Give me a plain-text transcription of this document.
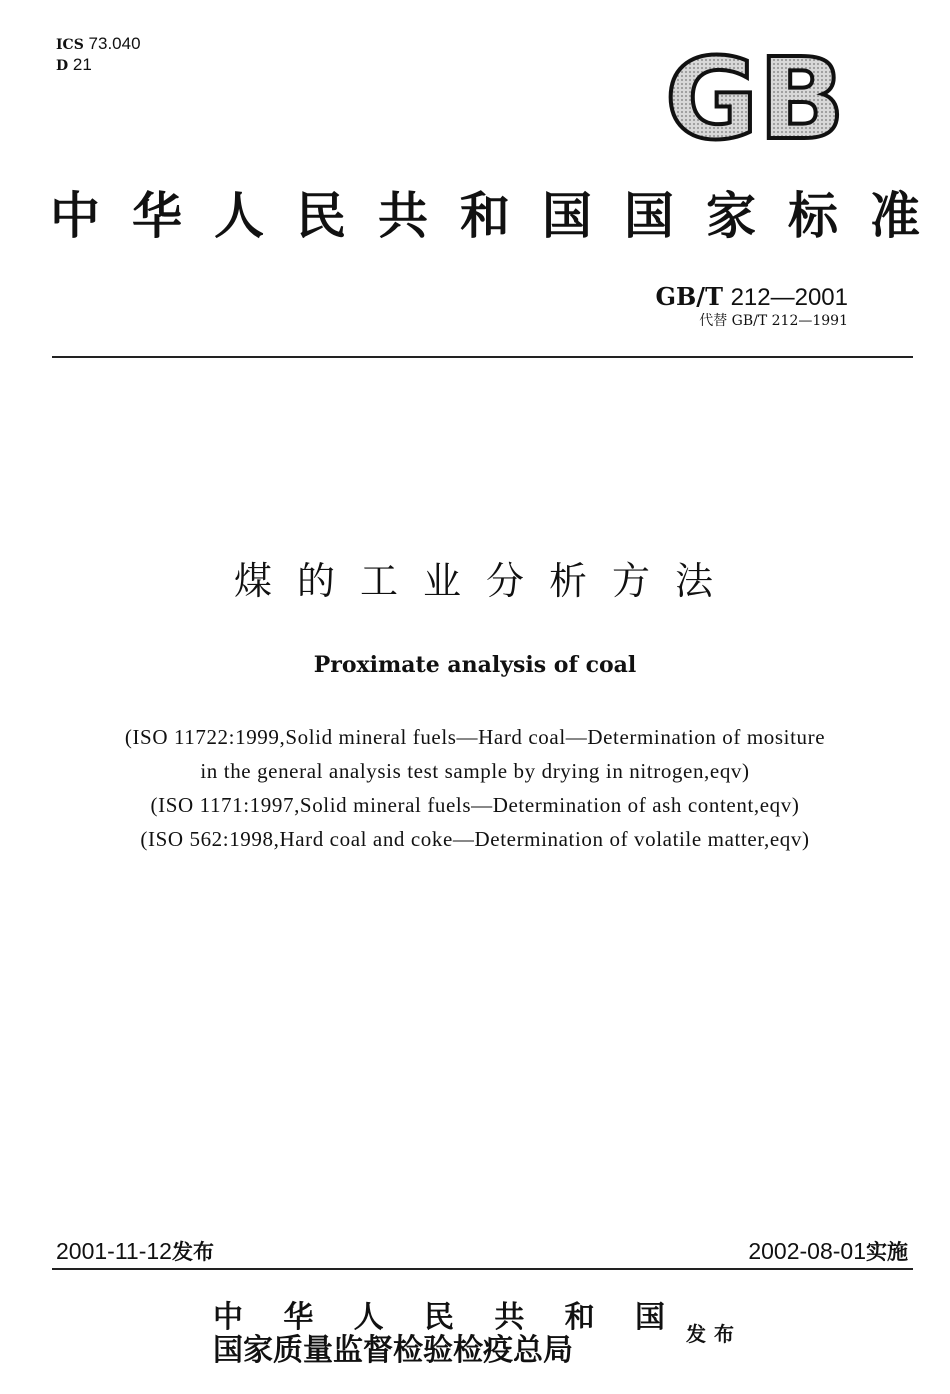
ICS 73.040
D 21	GB
中 华 人 民 共 和 国 国 家 标 准
GB/T 212—2001
代替 GB/T 212—1991
煤的工业分析方法
Proximate analysis of coal
(ISO 11722:1999,Solid mineral fuels—Hard coal—Determination of mositure
in the general analysis test sample by drying in nitrogen,eqv)
(ISO 1171:1997,Solid mineral fuels—Determination of ash content,eqv)
(ISO 562:1998,Hard coal and coke—Determination of volatile matter,eqv)
2001-11-12发布	2002-08-01实施
中 华 人 民 共 和 国
国家质量监督检验检疫总局	发布
